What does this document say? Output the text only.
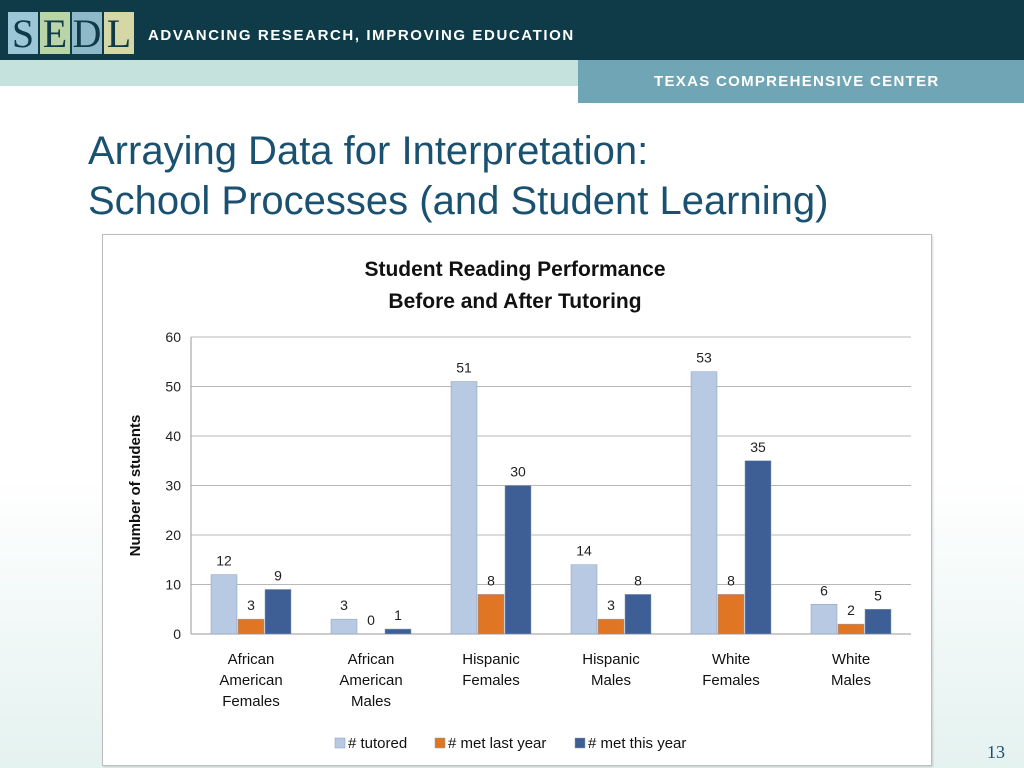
S E D L ADVANCING RESEARCH, IMPROVING EDUCATION
TEXAS COMPREHENSIVE CENTER
Arraying Data for Interpretation:
School Processes (and Student Learning)
Student Reading Performance
Before and After Tutoring
0
10
20
30
40
50
60
Number of students
12
3
9
African
American
Females
3
0 1
African
American
Males
51
8
30
Hispanic
Females
14
3
8
Hispanic
Males
53
8
35
White
Females
6
2
5
White
Males
# tutored	# met last year	# met this year	13
